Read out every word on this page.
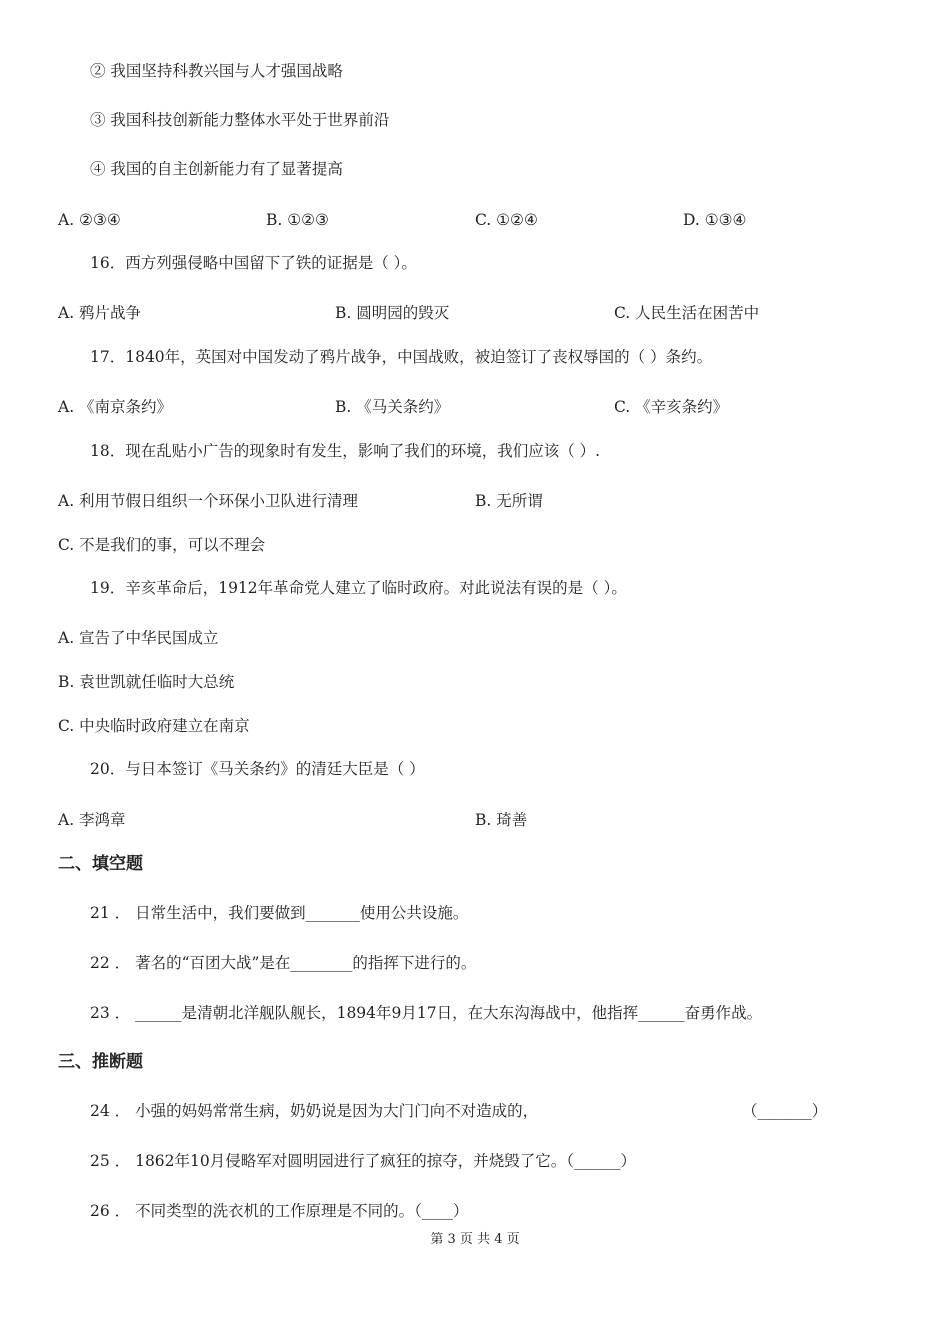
② 我国坚持科教兴国与人才强国战略
③ 我国科技创新能力整体水平处于世界前沿
④ 我国的自主创新能力有了显著提高
A. ②③④	B. ①②③	C. ①②④	D. ①③④
16．西方列强侵略中国留下了铁的证据是（ ）。
A. 鸦片战争	B. 圆明园的毁灭	C. 人民生活在困苦中
17．1840年，英国对中国发动了鸦片战争，中国战败，被迫签订了丧权辱国的（ ）条约。
A. 《南京条约》	B. 《马关条约》	C. 《辛亥条约》
18．现在乱贴小广告的现象时有发生，影响了我们的环境，我们应该（ ）.
A. 利用节假日组织一个环保小卫队进行清理	B. 无所谓
C. 不是我们的事，可以不理会
19．辛亥革命后，1912年革命党人建立了临时政府。对此说法有误的是（ ）。
A. 宣告了中华民国成立
B. 袁世凯就任临时大总统
C. 中央临时政府建立在南京
20．与日本签订《马关条约》的清廷大臣是（ ）
A. 李鸿章	B. 琦善
二、填空题
21 ． 日常生活中，我们要做到_______使用公共设施。
22 ． 著名的“百团大战”是在________的指挥下进行的。
23 ． ______是清朝北洋舰队舰长，1894年9月17日，在大东沟海战中，他指挥______奋勇作战。
三、推断题
24 ． 小强的妈妈常常生病，奶奶说是因为大门门向不对造成的，	（_______）
25 ． 1862年10月侵略军对圆明园进行了疯狂的掠夺，并烧毁了它。（______）
26 ． 不同类型的洗衣机的工作原理是不同的。（____）
第 3 页 共 4 页
